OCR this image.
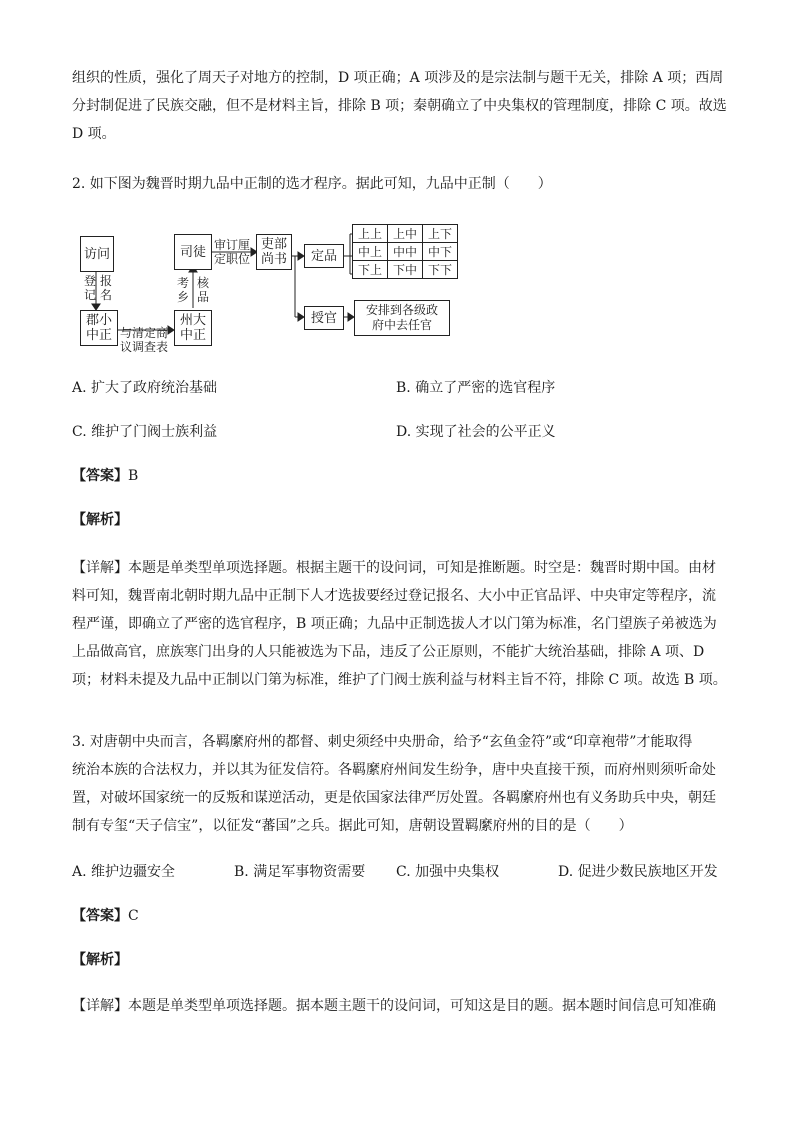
组织的性质，强化了周天子对地方的控制，D 项正确；A 项涉及的是宗法制与题干无关，排除 A 项；西周
分封制促进了民族交融，但不是材料主旨，排除 B 项；秦朝确立了中央集权的管理制度，排除 C 项。故选
D 项。
2. 如下图为魏晋时期九品中正制的选才程序。据此可知，九品中正制（　　）
访问
登
记
报
名
郡小
中正 与清定商
议调查表

州大
中正
考
乡
核
品
司徒 审订厘
定职位
吏部
尚书	定品
授官
上上	上中	上下
中上	中中	中下
下上	下中	下下
安排到各级政
府中去任官
A. 扩大了政府统治基础	B. 确立了严密的选官程序
C. 维护了门阀士族利益	D. 实现了社会的公平正义
【答案】B
【解析】
【详解】本题是单类型单项选择题。根据主题干的设问词，可知是推断题。时空是：魏晋时期中国。由材
料可知，魏晋南北朝时期九品中正制下人才选拔要经过登记报名、大小中正官品评、中央审定等程序，流
程严谨，即确立了严密的选官程序，B 项正确；九品中正制选拔人才以门第为标准，名门望族子弟被选为
上品做高官，庶族寒门出身的人只能被选为下品，违反了公正原则，不能扩大统治基础，排除 A 项、D
项；材料未提及九品中正制以门第为标准，维护了门阀士族利益与材料主旨不符，排除 C 项。故选 B 项。
3. 对唐朝中央而言，各羁縻府州的都督、刺史须经中央册命，给予“玄鱼金符”或“印章袍带”才能取得
统治本族的合法权力，并以其为征发信符。各羁縻府州间发生纷争，唐中央直接干预，而府州则须听命处
置，对破坏国家统一的反叛和谋逆活动，更是依国家法律严厉处置。各羁縻府州也有义务助兵中央，朝廷
制有专玺“天子信宝”，以征发“蕃国”之兵。据此可知，唐朝设置羁縻府州的目的是（　　）
A. 维护边疆安全	B. 满足军事物资需要 C. 加强中央集权	D. 促进少数民族地区开发
【答案】C
【解析】
【详解】本题是单类型单项选择题。据本题主题干的设问词，可知这是目的题。据本题时间信息可知准确
